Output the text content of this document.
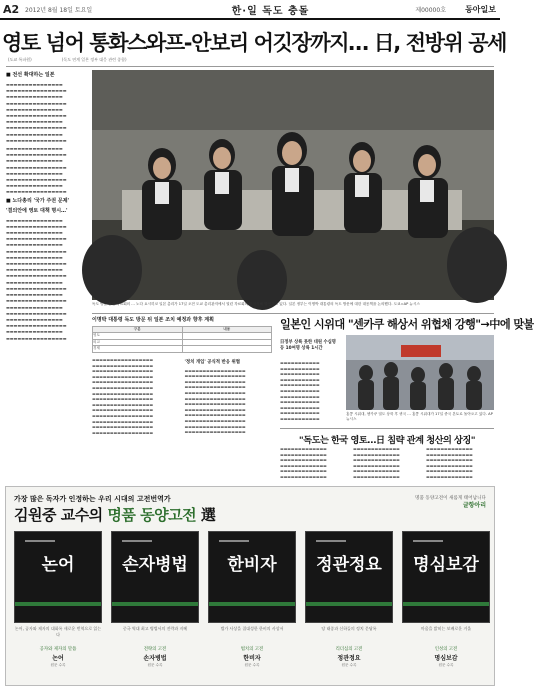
A2 2012년 8월 18일 토요일	한·일 독도 충돌	제00000호	동아일보
영토 넘어 통화스와프-안보리 어깃장까지… 日, 전방위 공세
(도쿄 특파원)	(독도 연계 일본 정부 대응 관련 종합)
■ 전선 확대하는 일본
▬▬▬▬▬▬▬▬▬▬▬▬▬▬▬ ▬▬▬▬▬▬▬▬▬▬▬▬▬▬▬▬ ▬▬▬▬▬▬▬▬▬▬▬▬▬▬▬ ▬▬▬▬▬▬▬▬▬▬▬▬▬▬▬▬ ▬▬▬▬▬▬▬▬▬▬▬▬▬▬▬ ▬▬▬▬▬▬▬▬▬▬▬▬▬▬▬▬ ▬▬▬▬▬▬▬▬▬▬▬▬▬▬▬ ▬▬▬▬▬▬▬▬▬▬▬▬▬▬▬▬ ▬▬▬▬▬▬▬▬▬▬▬▬▬▬▬ ▬▬▬▬▬▬▬▬▬▬▬▬▬▬▬▬
▬▬▬▬▬▬▬▬▬▬▬▬▬▬▬ ▬▬▬▬▬▬▬▬▬▬▬▬▬▬▬▬ ▬▬▬▬▬▬▬▬▬▬▬▬▬▬▬ ▬▬▬▬▬▬▬▬▬▬▬▬▬▬▬▬ ▬▬▬▬▬▬▬▬▬▬▬▬▬▬▬ ▬▬▬▬▬▬▬▬▬▬▬▬▬▬▬▬ ▬▬▬▬▬▬▬▬▬▬▬▬▬▬▬ ▬▬▬▬▬▬▬▬▬▬▬▬▬▬▬▬
■ 노다총리 '국가 주권 문제'
'결의안에 영토 대책 명시…'
▬▬▬▬▬▬▬▬▬▬▬▬▬▬▬ ▬▬▬▬▬▬▬▬▬▬▬▬▬▬▬▬ ▬▬▬▬▬▬▬▬▬▬▬▬▬▬▬ ▬▬▬▬▬▬▬▬▬▬▬▬▬▬▬▬ ▬▬▬▬▬▬▬▬▬▬▬▬▬▬▬ ▬▬▬▬▬▬▬▬▬▬▬▬▬▬▬▬ ▬▬▬▬▬▬▬▬▬▬▬▬▬▬▬ ▬▬▬▬▬▬▬▬▬▬▬▬▬▬▬▬ ▬▬▬▬▬▬▬▬▬▬▬▬▬▬▬ ▬▬▬▬▬▬▬▬▬▬▬▬▬▬▬▬ ▬▬▬▬▬▬▬▬▬▬▬▬▬▬▬ ▬▬▬▬▬▬▬▬▬▬▬▬▬▬▬▬ ▬▬▬▬▬▬▬▬▬▬▬▬▬▬▬ ▬▬▬▬▬▬▬▬▬▬▬▬▬▬▬▬ ▬▬▬▬▬▬▬▬▬▬▬▬▬▬▬ ▬▬▬▬▬▬▬▬▬▬▬▬▬▬▬▬ ▬▬▬▬▬▬▬▬▬▬▬▬▬▬▬ ▬▬▬▬▬▬▬▬▬▬▬▬▬▬▬▬ ▬▬▬▬▬▬▬▬▬▬▬▬▬▬▬ ▬▬▬▬▬▬▬▬▬▬▬▬▬▬▬▬
독도 방문 관련 각료회의 … 노다 요시히코 일본 총리가 17일 오전 도쿄 총리관저에서 열린 각료회의에 참석해 발언하고 있다. 일본 정부는 이명박 대통령의 독도 방문에 대한 대응책을 논의했다. 도쿄=AP 뉴시스
이명박 대통령 독도 방문 뒤 일본 조치 예정과 향후 계획
구분	내용
영토	
외교	
경제	
▬▬▬▬▬▬▬▬▬▬▬▬▬▬▬▬▬ ▬▬▬▬▬▬▬▬▬▬▬▬▬▬▬▬▬ ▬▬▬▬▬▬▬▬▬▬▬▬▬▬▬▬▬ ▬▬▬▬▬▬▬▬▬▬▬▬▬▬▬▬▬ ▬▬▬▬▬▬▬▬▬▬▬▬▬▬▬▬▬ ▬▬▬▬▬▬▬▬▬▬▬▬▬▬▬▬▬ ▬▬▬▬▬▬▬▬▬▬▬▬▬▬▬▬▬ ▬▬▬▬▬▬▬▬▬▬▬▬▬▬▬▬▬ ▬▬▬▬▬▬▬▬▬▬▬▬▬▬▬▬▬ ▬▬▬▬▬▬▬▬▬▬▬▬▬▬▬▬▬ ▬▬▬▬▬▬▬▬▬▬▬▬▬▬▬▬▬ ▬▬▬▬▬▬▬▬▬▬▬▬▬▬▬▬▬ ▬▬▬▬▬▬▬▬▬▬▬▬▬▬▬▬▬ ▬▬▬▬▬▬▬▬▬▬▬▬▬▬▬▬▬
'정치 개입' 공식적 반응 위협
▬▬▬▬▬▬▬▬▬▬▬▬▬▬▬▬▬ ▬▬▬▬▬▬▬▬▬▬▬▬▬▬▬▬▬ ▬▬▬▬▬▬▬▬▬▬▬▬▬▬▬▬▬ ▬▬▬▬▬▬▬▬▬▬▬▬▬▬▬▬▬ ▬▬▬▬▬▬▬▬▬▬▬▬▬▬▬▬▬ ▬▬▬▬▬▬▬▬▬▬▬▬▬▬▬▬▬ ▬▬▬▬▬▬▬▬▬▬▬▬▬▬▬▬▬ ▬▬▬▬▬▬▬▬▬▬▬▬▬▬▬▬▬ ▬▬▬▬▬▬▬▬▬▬▬▬▬▬▬▬▬ ▬▬▬▬▬▬▬▬▬▬▬▬▬▬▬▬▬ ▬▬▬▬▬▬▬▬▬▬▬▬▬▬▬▬▬ ▬▬▬▬▬▬▬▬▬▬▬▬▬▬▬▬▬
일본인 시위대 "센카쿠 해상서 위협채 강행"→中에 맞불
日정부 상륙 못한 대원 수십명 등 10여명 상륙 1시간
홍콩 시위대, 센카쿠 열도 상륙 후 귀국 … 홍콩 시위대가 17일 중국 본토로 돌아오고 있다. AP 뉴시스
▬▬▬▬▬▬▬▬▬▬▬ ▬▬▬▬▬▬▬▬▬▬▬ ▬▬▬▬▬▬▬▬▬▬▬ ▬▬▬▬▬▬▬▬▬▬▬ ▬▬▬▬▬▬▬▬▬▬▬ ▬▬▬▬▬▬▬▬▬▬▬ ▬▬▬▬▬▬▬▬▬▬▬ ▬▬▬▬▬▬▬▬▬▬▬ ▬▬▬▬▬▬▬▬▬▬▬ ▬▬▬▬▬▬▬▬▬▬▬ ▬▬▬▬▬▬▬▬▬▬▬
"독도는 한국 영토…日 침략 관계 청산의 상징"
▬▬▬▬▬▬▬▬▬▬▬▬▬ ▬▬▬▬▬▬▬▬▬▬▬▬▬ ▬▬▬▬▬▬▬▬▬▬▬▬▬ ▬▬▬▬▬▬▬▬▬▬▬▬▬ ▬▬▬▬▬▬▬▬▬▬▬▬▬ ▬▬▬▬▬▬▬▬▬▬▬▬▬
▬▬▬▬▬▬▬▬▬▬▬▬▬ ▬▬▬▬▬▬▬▬▬▬▬▬▬ ▬▬▬▬▬▬▬▬▬▬▬▬▬ ▬▬▬▬▬▬▬▬▬▬▬▬▬ ▬▬▬▬▬▬▬▬▬▬▬▬▬ ▬▬▬▬▬▬▬▬▬▬▬▬▬
▬▬▬▬▬▬▬▬▬▬▬▬▬ ▬▬▬▬▬▬▬▬▬▬▬▬▬ ▬▬▬▬▬▬▬▬▬▬▬▬▬ ▬▬▬▬▬▬▬▬▬▬▬▬▬ ▬▬▬▬▬▬▬▬▬▬▬▬▬ ▬▬▬▬▬▬▬▬▬▬▬▬▬
가장 많은 독자가 인정하는 우리 시대의 고전번역가
김원중 교수의 명품 동양고전 選
명품 동양고전이 새롭게 태어납니다
글항아리
논어
논어, 공자와 제자의 대화록 새로운 번역으로 읽는다
공자와 제자의 말씀
논어
원문 수록
손자병법
중국 역대 최고 병법서의 전략과 지혜
전략의 고전
손자병법
원문 수록
한비자
법가 사상을 집대성한 한비의 사상서
법치의 고전
한비자
원문 수록
정관정요
당 태종과 신하들의 정치 문답록
리더십의 고전
정관정요
원문 수록
명심보감
마음을 밝히는 보배로운 거울
인성의 고전
명심보감
원문 수록
